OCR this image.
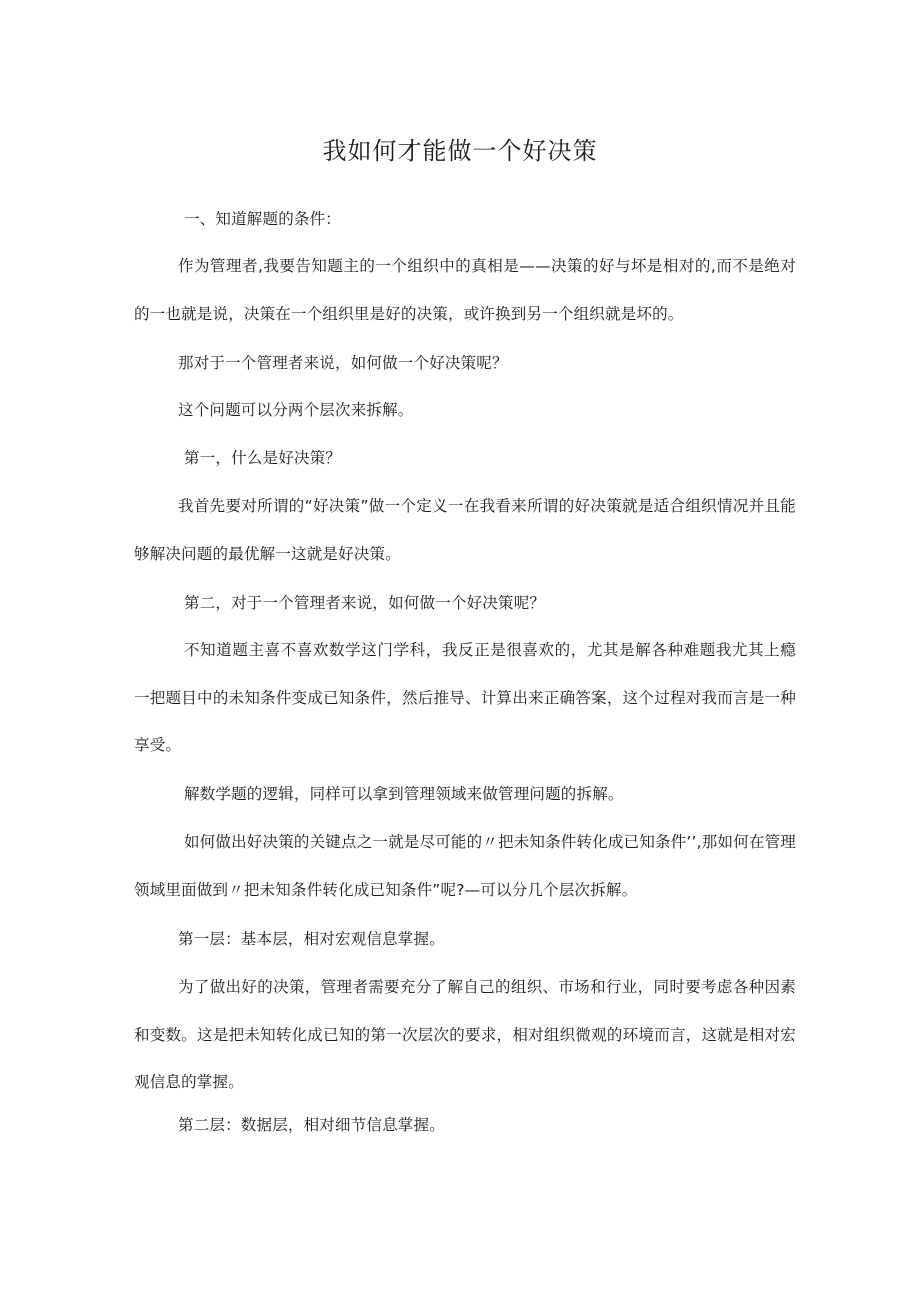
我如何才能做一个好决策

一、知道解题的条件：

作为管理者,我要告知题主的一个组织中的真相是——决策的好与坏是相对的,而不是绝对的一也就是说，决策在一个组织里是好的决策，或许换到另一个组织就是坏的。

那对于一个管理者来说，如何做一个好决策呢？

这个问题可以分两个层次来拆解。

第一，什么是好决策？

我首先要对所谓的“好决策”做一个定义一在我看来所谓的好决策就是适合组织情况并且能够解决问题的最优解一这就是好决策。

第二，对于一个管理者来说，如何做一个好决策呢？

不知道题主喜不喜欢数学这门学科，我反正是很喜欢的，尤其是解各种难题我尤其上瘾一把题目中的未知条件变成已知条件，然后推导、计算出来正确答案，这个过程对我而言是一种享受。

解数学题的逻辑，同样可以拿到管理领域来做管理问题的拆解。

如何做出好决策的关键点之一就是尽可能的〃把未知条件转化成已知条件’’,那如何在管理领域里面做到〃把未知条件转化成已知条件”呢?—可以分几个层次拆解。

第一层：基本层，相对宏观信息掌握。

为了做出好的决策，管理者需要充分了解自己的组织、市场和行业，同时要考虑各种因素和变数。这是把未知转化成已知的第一次层次的要求，相对组织微观的环境而言，这就是相对宏观信息的掌握。

第二层：数据层，相对细节信息掌握。
